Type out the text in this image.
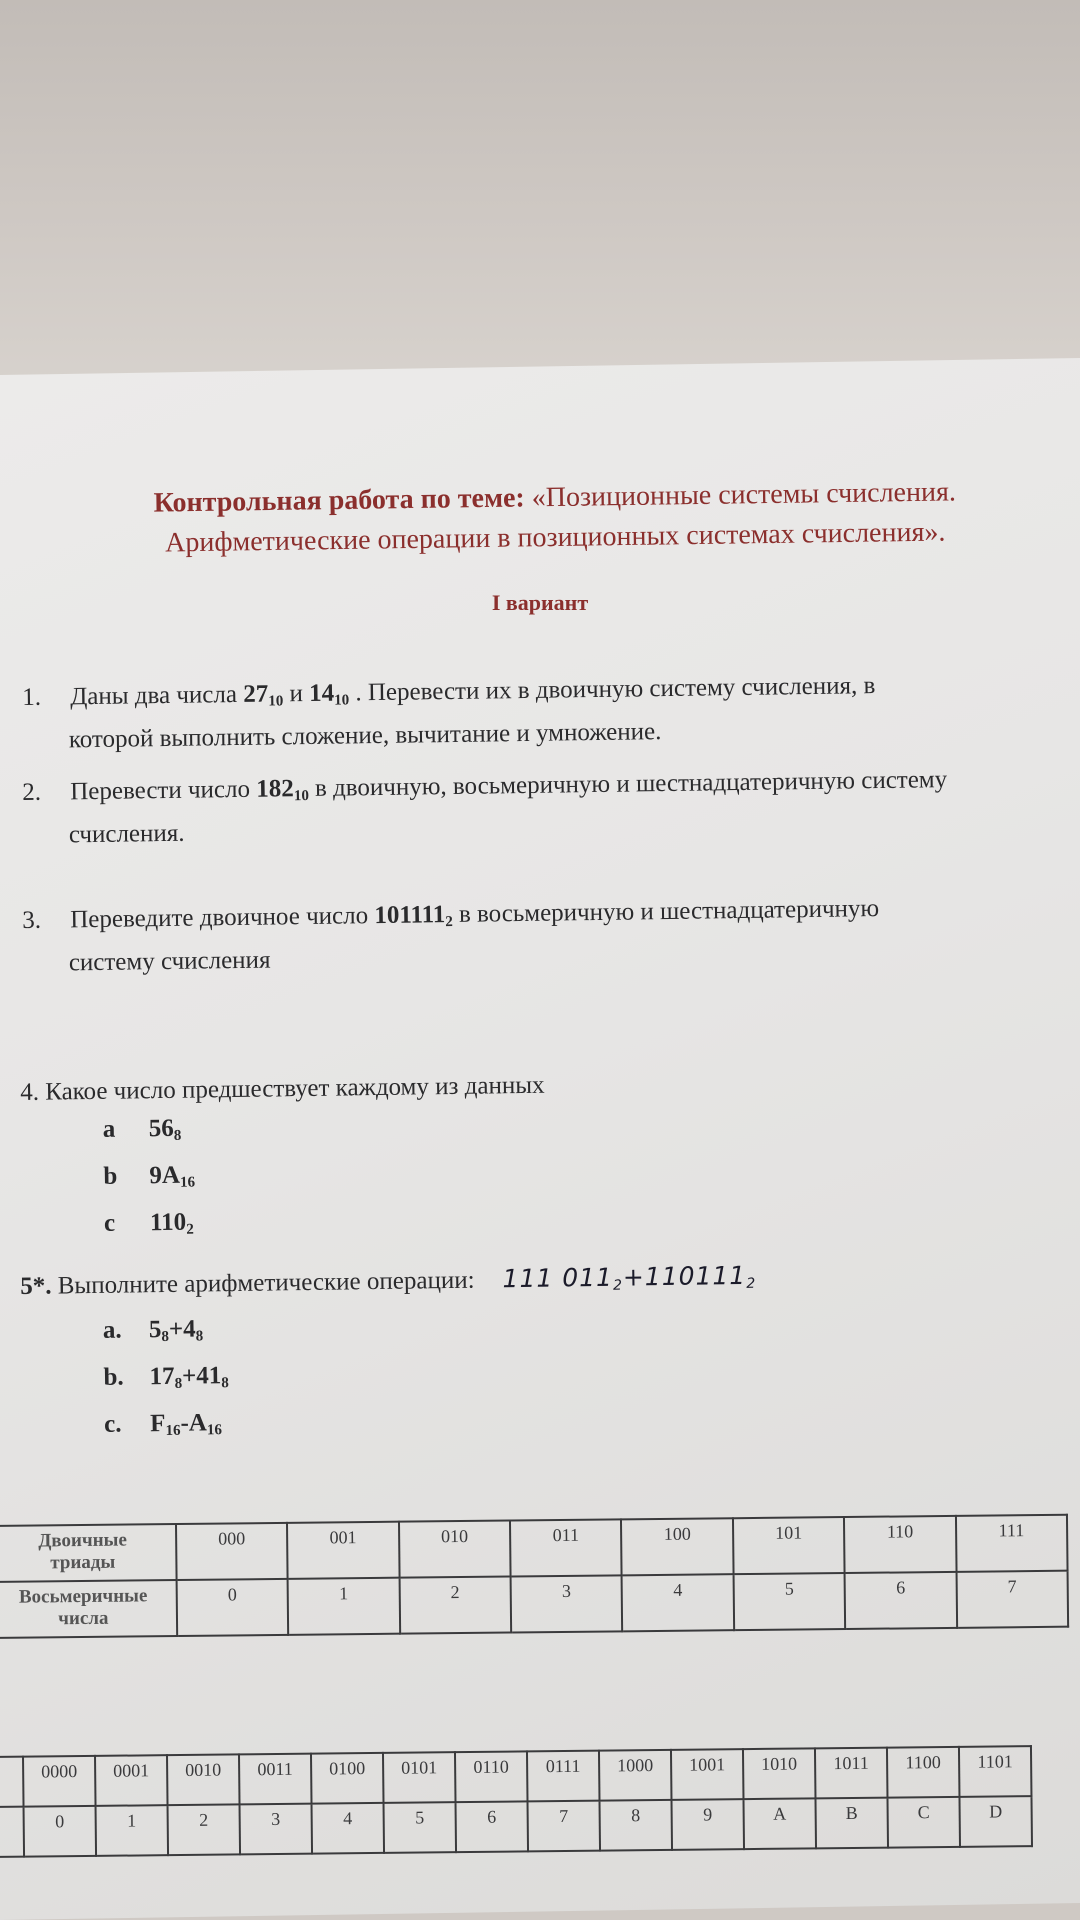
Контрольная работа по теме: «Позиционные системы счисления.
Арифметические операции в позиционных системах счисления».
I вариант
1. Даны два числа $27_{10}$ и $14_{10}$ . Перевести их в двоичную систему счисления, в
которой выполнить сложение, вычитание и умножение.
2. Перевести число $182_{10}$ в двоичную, восьмеричную и шестнадцатеричную систему
счисления.
3. Переведите двоичное число $101111_2$ в восьмеричную и шестнадцатеричную
систему счисления
4. Какое число предшествует каждому из данных
a $56_8$
b $9A_{16}$
c $110_2$
5*. Выполните арифметические операции: 111 $011_2+110111_2$
a. $5_8+4_8$
b. $17_8+41_8$
c. $F_{16}-A_{16}$
Двоичные
триады	000	001	010	011	100	101	110	111

Восьмеричные
числа	0	1	2	3	4	5	6	7
	0000	0001	0010	0011	0100	0101	0110	0111	1000	1001	1010	1011	1100	1101
	0	1	2	3	4	5	6	7	8	9	A	B	C	D
